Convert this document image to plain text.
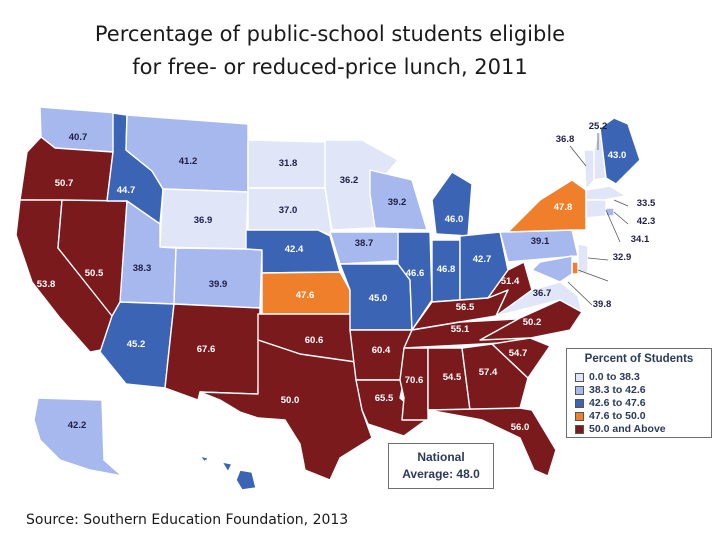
Percentage of public-school students eligible
for free- or reduced-price lunch, 2011
40.7
50.7
53.8
50.5
44.7
41.2
36.9
38.3
45.2
39.9
67.6
31.8
37.0
42.4
47.6
60.6
50.0
36.2
38.7
45.0
60.4
65.5
39.2
46.6
46.0
46.8
42.7
56.5
55.1
70.6 54.5 57.4
56.0
54.7
50.2
36.7
51.4
39.1
47.8
36.8
25.2
43.0
33.5
42.3
34.1
32.9
48.9
39.8
42.2
46.8
Percent of Students
0.0 to 38.3
38.3 to 42.6
42.6 to 47.6
47.6 to 50.0
50.0 and Above
National
Average: 48.0
Source: Southern Education Foundation, 2013
